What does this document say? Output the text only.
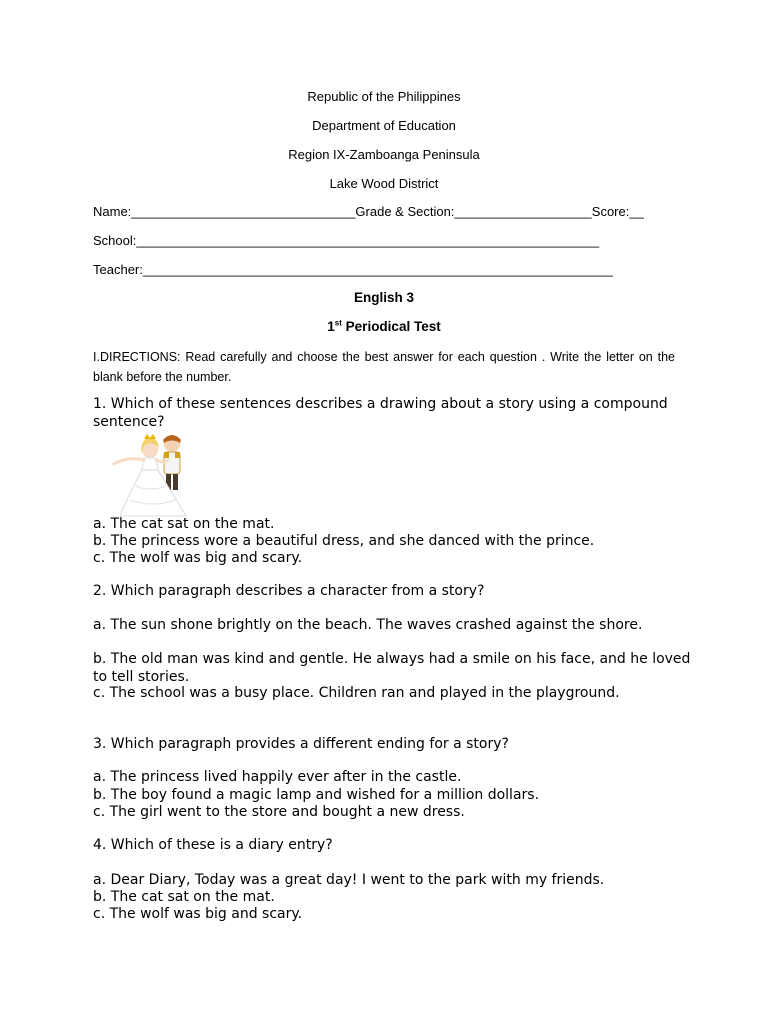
Republic of the Philippines
Department of Education
Region IX-Zamboanga Peninsula
Lake Wood District
Name:_______________________________Grade & Section:___________________Score:__
School:________________________________________________________________
Teacher:_________________________________________________________________
English 3
1st Periodical Test
I.DIRECTIONS: Read carefully and choose the best answer for each question . Write the letter on the blank before the number.
1. Which of these sentences describes a drawing about a story using a compound sentence?
a. The cat sat on the mat.
b. The princess wore a beautiful dress, and she danced with the prince.
c. The wolf was big and scary.
2. Which paragraph describes a character from a story?
a. The sun shone brightly on the beach. The waves crashed against the shore.
b. The old man was kind and gentle. He always had a smile on his face, and he loved to tell stories.
c. The school was a busy place. Children ran and played in the playground.
3. Which paragraph provides a different ending for a story?
a. The princess lived happily ever after in the castle.
b. The boy found a magic lamp and wished for a million dollars.
c. The girl went to the store and bought a new dress.
4. Which of these is a diary entry?
a. Dear Diary, Today was a great day! I went to the park with my friends.
b. The cat sat on the mat.
c. The wolf was big and scary.
